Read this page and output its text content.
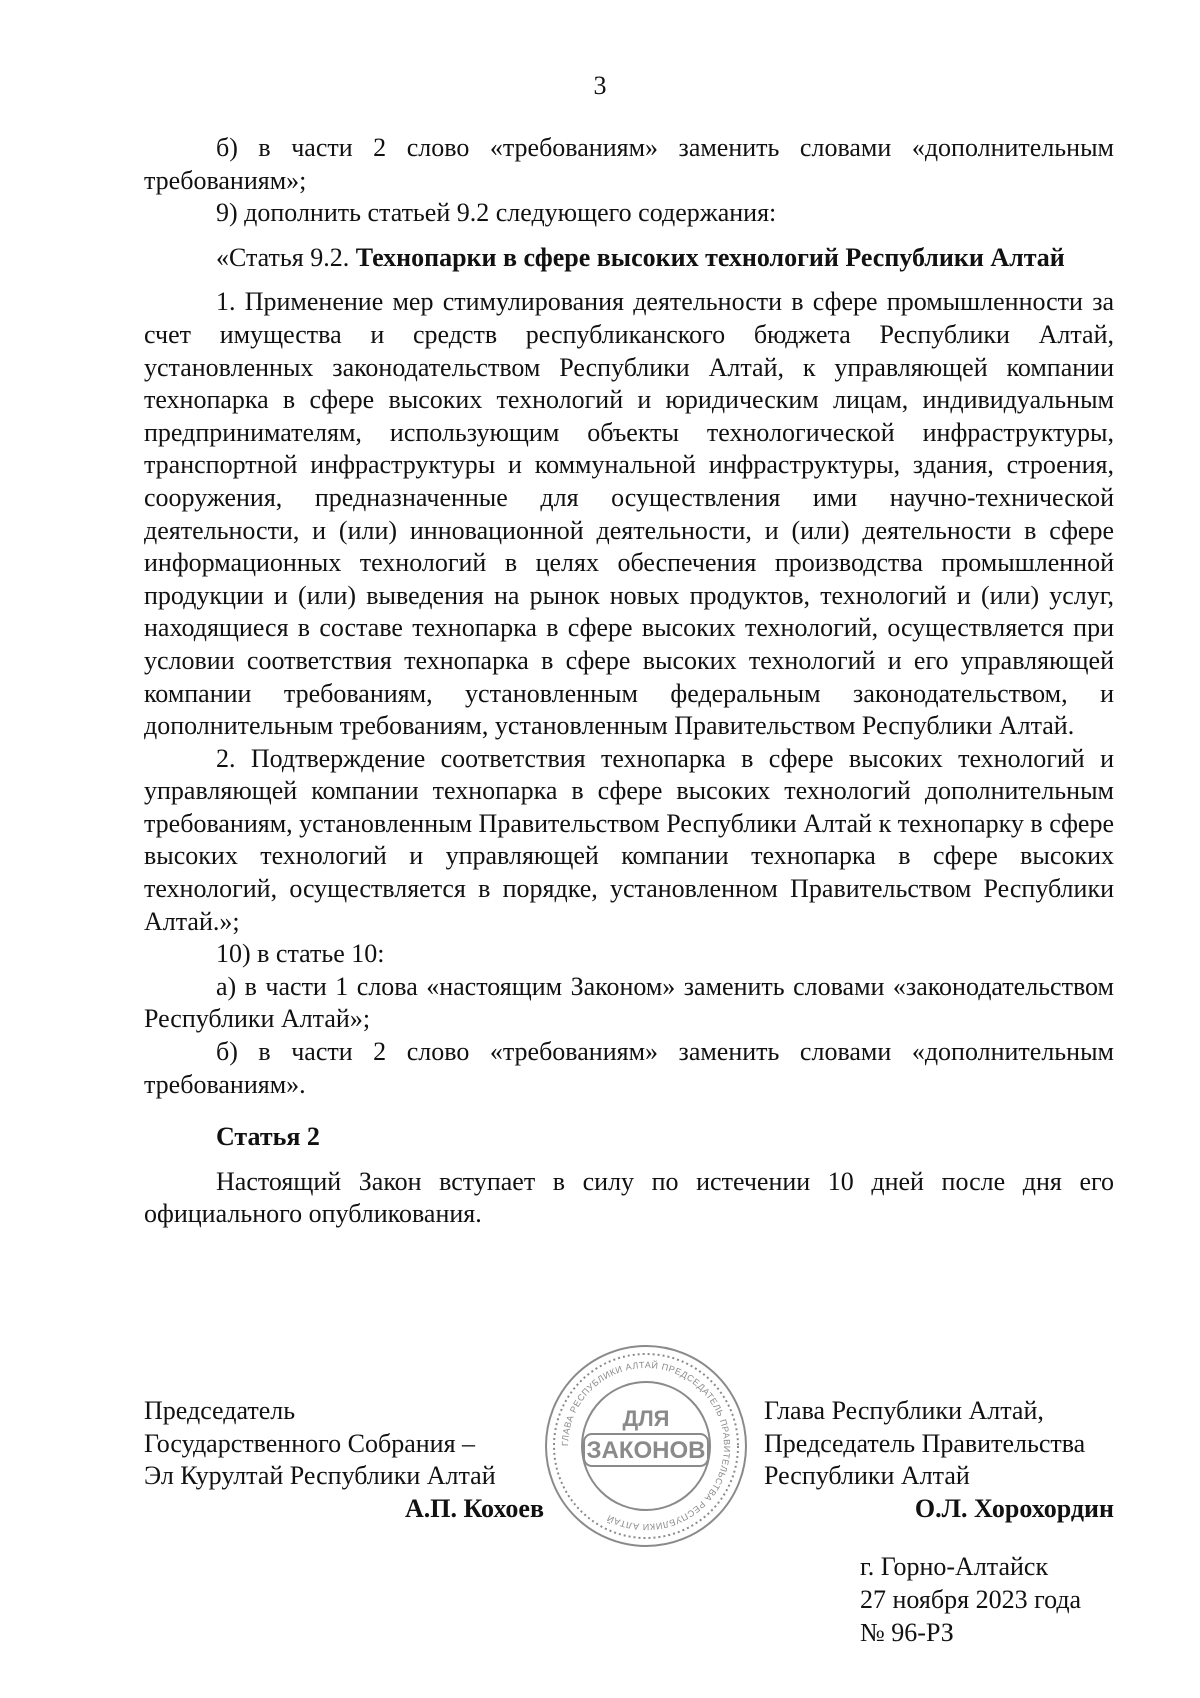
3

б) в части 2 слово «требованиям» заменить словами «дополнительным требованиям»;

9) дополнить статьей 9.2 следующего содержания:

«Статья 9.2. Технопарки в сфере высоких технологий Республики Алтай

1. Применение мер стимулирования деятельности в сфере промышленности за счет имущества и средств республиканского бюджета Республики Алтай, установленных законодательством Республики Алтай, к управляющей компании технопарка в сфере высоких технологий и юридическим лицам, индивидуальным предпринимателям, использующим объекты технологической инфраструктуры, транспортной инфраструктуры и коммунальной инфраструктуры, здания, строения, сооружения, предназначенные для осуществления ими научно-технической деятельности, и (или) инновационной деятельности, и (или) деятельности в сфере информационных технологий в целях обеспечения производства промышленной продукции и (или) выведения на рынок новых продуктов, технологий и (или) услуг, находящиеся в составе технопарка в сфере высоких технологий, осуществляется при условии соответствия технопарка в сфере высоких технологий и его управляющей компании требованиям, установленным федеральным законодательством, и дополнительным требованиям, установленным Правительством Республики Алтай.

2. Подтверждение соответствия технопарка в сфере высоких технологий и управляющей компании технопарка в сфере высоких технологий дополнительным требованиям, установленным Правительством Республики Алтай к технопарку в сфере высоких технологий и управляющей компании технопарка в сфере высоких технологий, осуществляется в порядке, установленном Правительством Республики Алтай.»;

10) в статье 10:

а) в части 1 слова «настоящим Законом» заменить словами «законодательством Республики Алтай»;

б) в части 2 слово «требованиям» заменить словами «дополнительным требованиям».

Статья 2

Настоящий Закон вступает в силу по истечении 10 дней после дня его официального опубликования.

Председатель
Государственного Собрания –
Эл Курултай Республики Алтай
А.П. Кохоев
ГЛАВА РЕСПУБЛИКИ АЛТАЙ ПРЕДСЕДАТЕЛЬ ПРАВИТЕЛЬСТВА РЕСПУБЛИКИ АЛТАЙ
ДЛЯ
ЗАКОНОВ
Глава Республики Алтай,
Председатель Правительства
Республики Алтай
О.Л. Хорохордин
г. Горно-Алтайск
27 ноября 2023 года
№ 96-РЗ
